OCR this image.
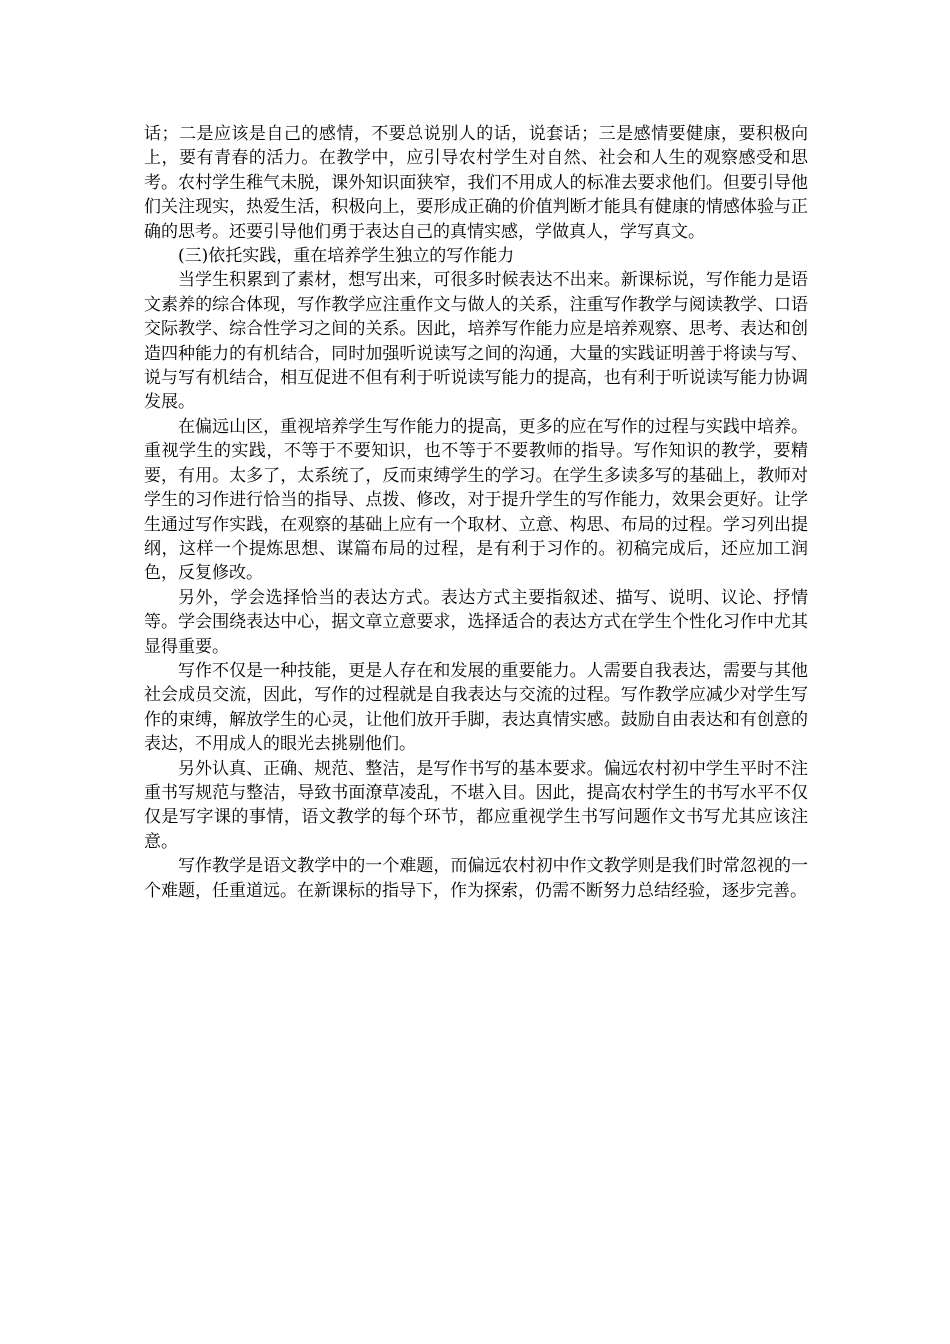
话；二是应该是自己的感情，不要总说别人的话，说套话；三是感情要健康，要积极向上，要有青春的活力。在教学中，应引导农村学生对自然、社会和人生的观察感受和思考。农村学生稚气未脱，课外知识面狭窄，我们不用成人的标准去要求他们。但要引导他们关注现实，热爱生活，积极向上，要形成正确的价值判断才能具有健康的情感体验与正确的思考。还要引导他们勇于表达自己的真情实感，学做真人，学写真文。

(三)依托实践，重在培养学生独立的写作能力

当学生积累到了素材，想写出来，可很多时候表达不出来。新课标说，写作能力是语文素养的综合体现，写作教学应注重作文与做人的关系，注重写作教学与阅读教学、口语交际教学、综合性学习之间的关系。因此，培养写作能力应是培养观察、思考、表达和创造四种能力的有机结合，同时加强听说读写之间的沟通，大量的实践证明善于将读与写、说与写有机结合，相互促进不但有利于听说读写能力的提高，也有利于听说读写能力协调发展。

在偏远山区，重视培养学生写作能力的提高，更多的应在写作的过程与实践中培养。重视学生的实践，不等于不要知识，也不等于不要教师的指导。写作知识的教学，要精要，有用。太多了，太系统了，反而束缚学生的学习。在学生多读多写的基础上，教师对学生的习作进行恰当的指导、点拨、修改，对于提升学生的写作能力，效果会更好。让学生通过写作实践，在观察的基础上应有一个取材、立意、构思、布局的过程。学习列出提纲，这样一个提炼思想、谋篇布局的过程，是有利于习作的。初稿完成后，还应加工润色，反复修改。

另外，学会选择恰当的表达方式。表达方式主要指叙述、描写、说明、议论、抒情等。学会围绕表达中心，据文章立意要求，选择适合的表达方式在学生个性化习作中尤其显得重要。

写作不仅是一种技能，更是人存在和发展的重要能力。人需要自我表达，需要与其他社会成员交流，因此，写作的过程就是自我表达与交流的过程。写作教学应减少对学生写作的束缚，解放学生的心灵，让他们放开手脚，表达真情实感。鼓励自由表达和有创意的表达，不用成人的眼光去挑剔他们。

另外认真、正确、规范、整洁，是写作书写的基本要求。偏远农村初中学生平时不注重书写规范与整洁，导致书面潦草凌乱，不堪入目。因此，提高农村学生的书写水平不仅仅是写字课的事情，语文教学的每个环节，都应重视学生书写问题作文书写尤其应该注意。

写作教学是语文教学中的一个难题，而偏远农村初中作文教学则是我们时常忽视的一个难题，任重道远。在新课标的指导下，作为探索，仍需不断努力总结经验，逐步完善。
